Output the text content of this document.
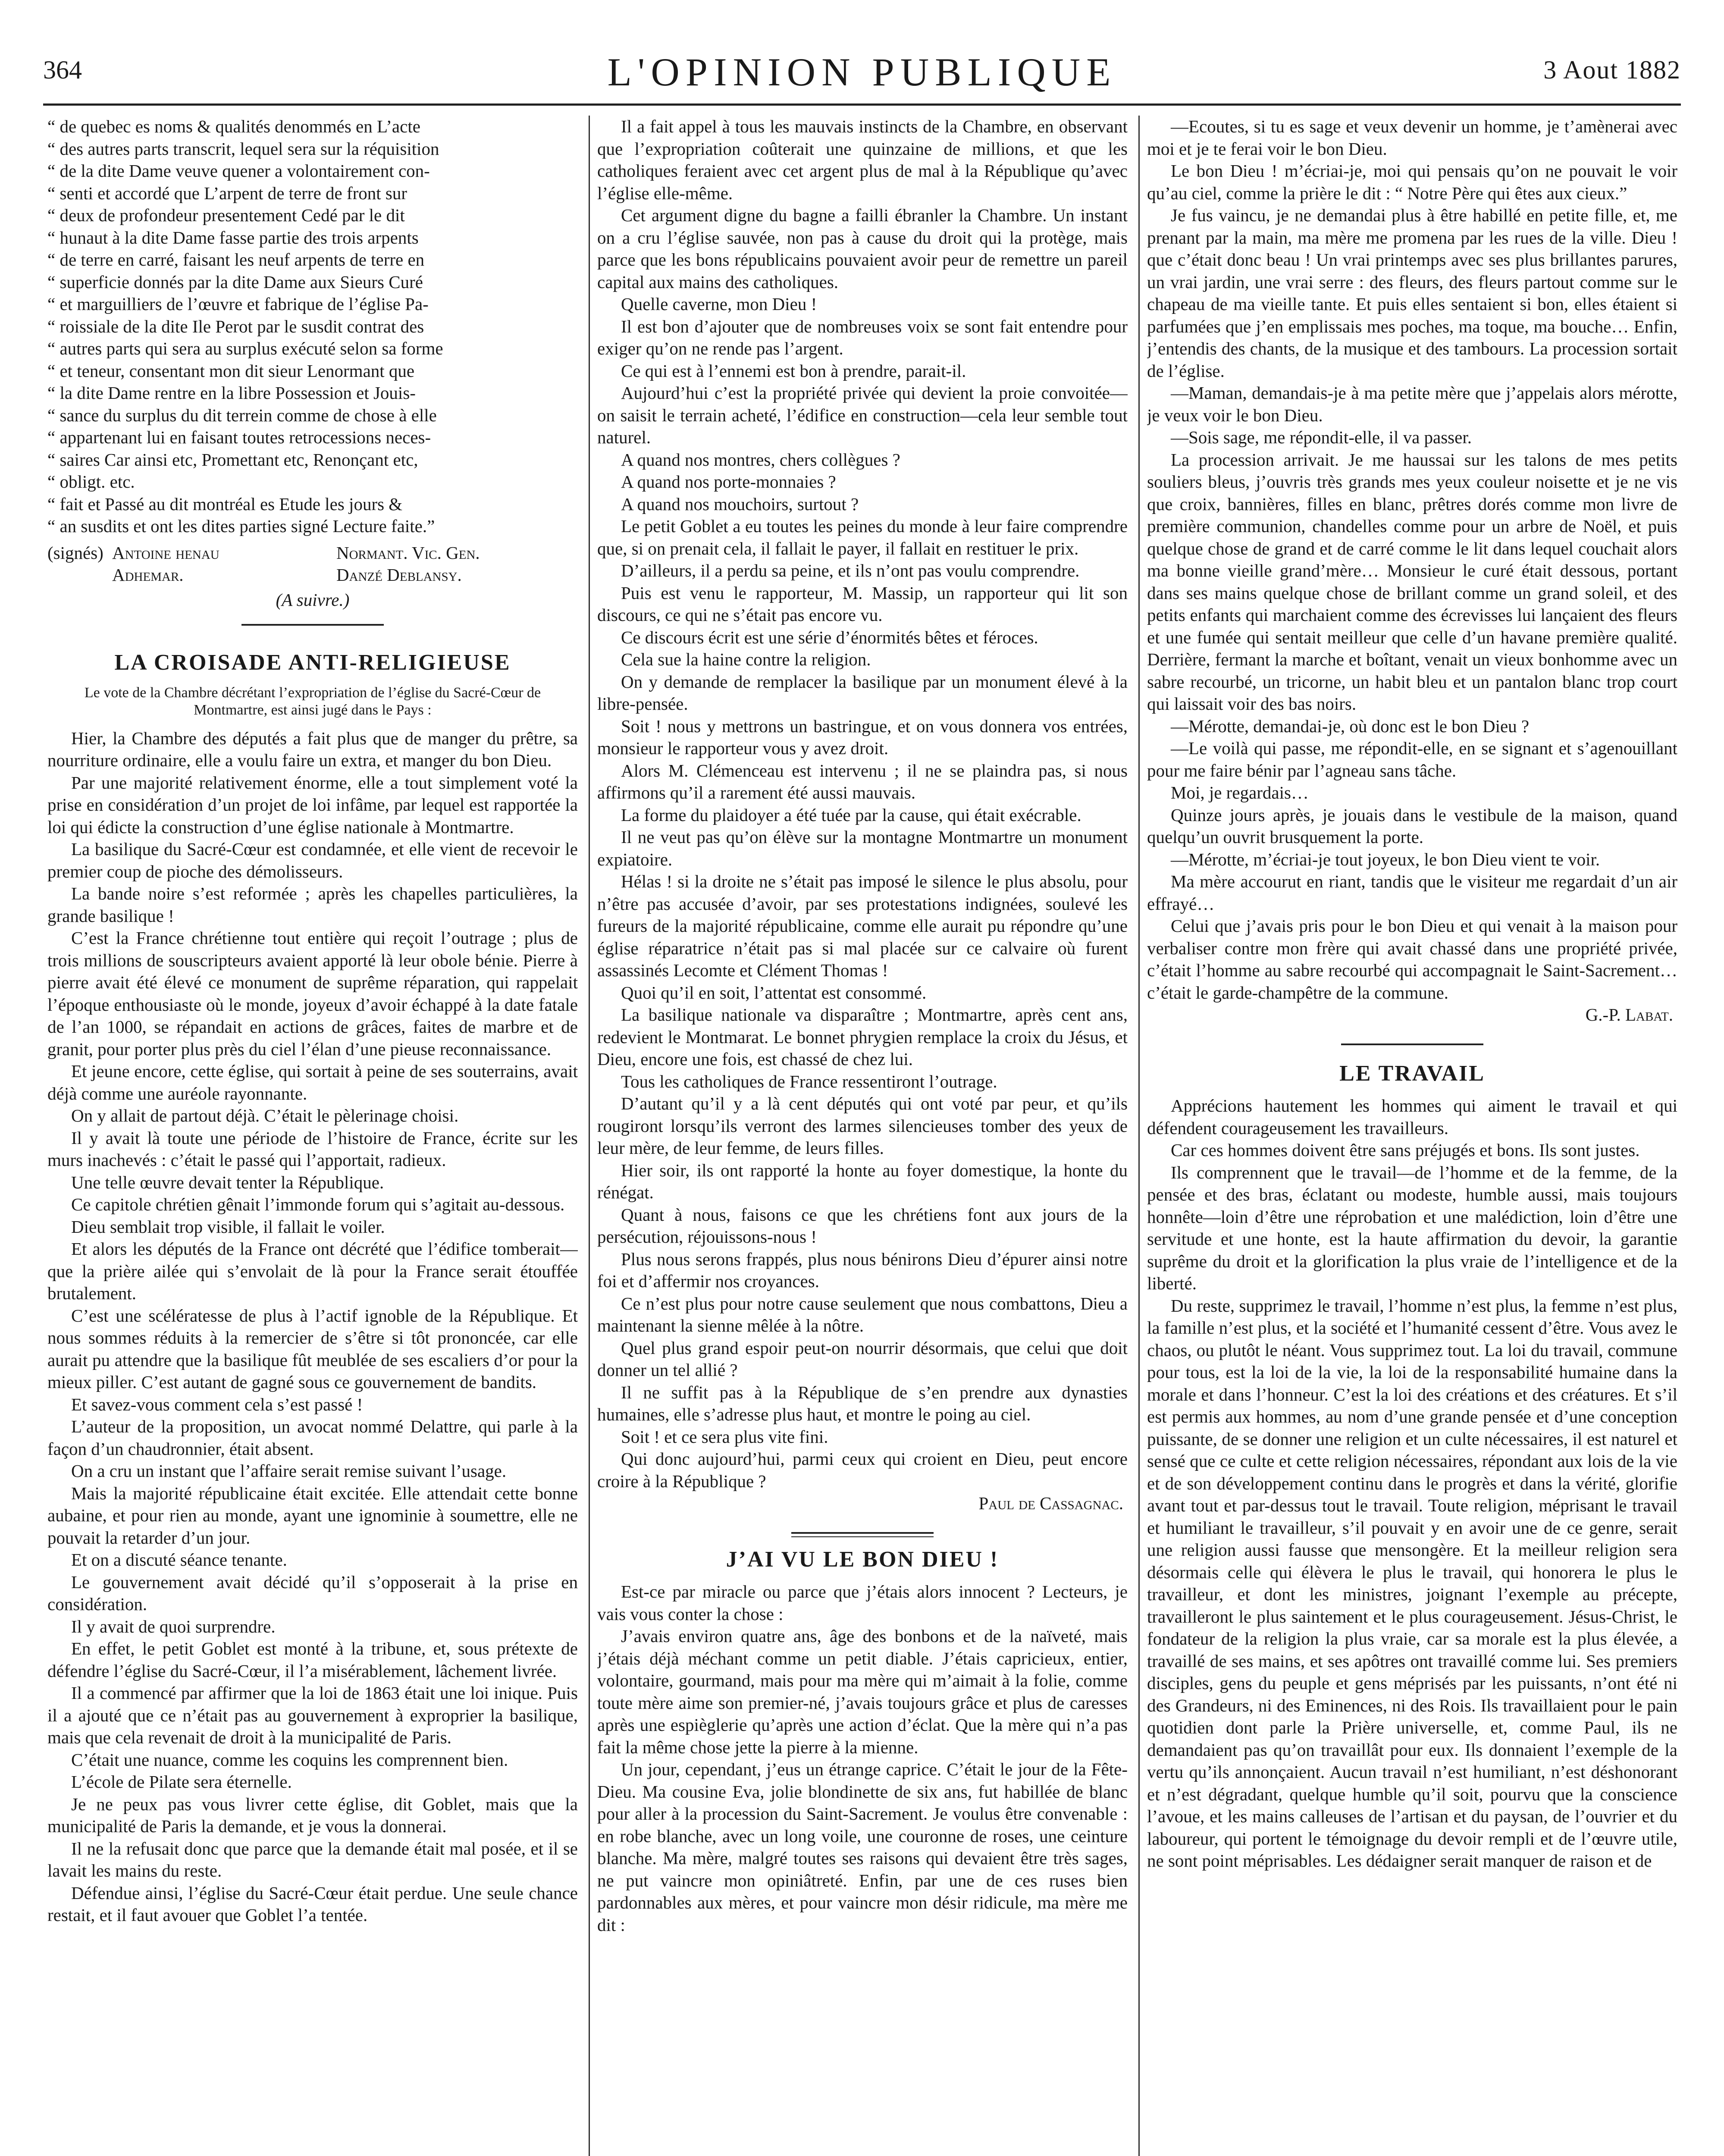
364	L'OPINION PUBLIQUE	3 Aout 1882

“ de quebec es noms & qualités denommés en L’acte

“ des autres parts transcrit, lequel sera sur la réquisition

“ de la dite Dame veuve quener a volontairement con-

“ senti et accordé que L’arpent de terre de front sur

“ deux de profondeur presentement Cedé par le dit

“ hunaut à la dite Dame fasse partie des trois arpents

“ de terre en carré, faisant les neuf arpents de terre en

“ superficie donnés par la dite Dame aux Sieurs Curé

“ et marguilliers de l’œuvre et fabrique de l’église Pa-

“ roissiale de la dite Ile Perot par le susdit contrat des

“ autres parts qui sera au surplus exécuté selon sa forme

“ et teneur, consentant mon dit sieur Lenormant que

“ la dite Dame rentre en la libre Possession et Jouis-

“ sance du surplus du dit terrein comme de chose à elle

“ appartenant lui en faisant toutes retrocessions neces-

“ saires Car ainsi etc, Promettant etc, Renonçant etc,

“ obligt. etc.

“ fait et Passé au dit montréal es Etude les jours &

“ an susdits et ont les dites parties signé Lecture faite.”

(signés) Antoine henau	Normant. Vic. Gen.
Adhemar.	Danzé Deblansy.
(A suivre.)
LA CROISADE ANTI-RELIGIEUSE
Le vote de la Chambre décrétant l’expropriation de l’église du Sacré-Cœur de Montmartre, est ainsi jugé dans le Pays :

Hier, la Chambre des députés a fait plus que de manger du prêtre, sa nourriture ordinaire, elle a voulu faire un extra, et manger du bon Dieu.

Par une majorité relativement énorme, elle a tout simplement voté la prise en considération d’un projet de loi infâme, par lequel est rapportée la loi qui édicte la construction d’une église nationale à Montmartre.

La basilique du Sacré-Cœur est condamnée, et elle vient de recevoir le premier coup de pioche des démolisseurs.

La bande noire s’est reformée ; après les chapelles particulières, la grande basilique !

C’est la France chrétienne tout entière qui reçoit l’outrage ; plus de trois millions de souscripteurs avaient apporté là leur obole bénie. Pierre à pierre avait été élevé ce monument de suprême réparation, qui rappelait l’époque enthousiaste où le monde, joyeux d’avoir échappé à la date fatale de l’an 1000, se répandait en actions de grâces, faites de marbre et de granit, pour porter plus près du ciel l’élan d’une pieuse reconnaissance.

Et jeune encore, cette église, qui sortait à peine de ses souterrains, avait déjà comme une auréole rayonnante.

On y allait de partout déjà. C’était le pèlerinage choisi.

Il y avait là toute une période de l’histoire de France, écrite sur les murs inachevés : c’était le passé qui l’apportait, radieux.

Une telle œuvre devait tenter la République.

Ce capitole chrétien gênait l’immonde forum qui s’agitait au-dessous.

Dieu semblait trop visible, il fallait le voiler.

Et alors les députés de la France ont décrété que l’édifice tomberait—que la prière ailée qui s’envolait de là pour la France serait étouffée brutalement.

C’est une scélératesse de plus à l’actif ignoble de la République. Et nous sommes réduits à la remercier de s’être si tôt prononcée, car elle aurait pu attendre que la basilique fût meublée de ses escaliers d’or pour la mieux piller. C’est autant de gagné sous ce gouvernement de bandits.

Et savez-vous comment cela s’est passé !

L’auteur de la proposition, un avocat nommé Delattre, qui parle à la façon d’un chaudronnier, était absent.

On a cru un instant que l’affaire serait remise suivant l’usage.

Mais la majorité républicaine était excitée. Elle attendait cette bonne aubaine, et pour rien au monde, ayant une ignominie à soumettre, elle ne pouvait la retarder d’un jour.

Et on a discuté séance tenante.

Le gouvernement avait décidé qu’il s’opposerait à la prise en considération.

Il y avait de quoi surprendre.

En effet, le petit Goblet est monté à la tribune, et, sous prétexte de défendre l’église du Sacré-Cœur, il l’a misérablement, lâchement livrée.

Il a commencé par affirmer que la loi de 1863 était une loi inique. Puis il a ajouté que ce n’était pas au gouvernement à exproprier la basilique, mais que cela revenait de droit à la municipalité de Paris.

C’était une nuance, comme les coquins les comprennent bien.

L’école de Pilate sera éternelle.

Je ne peux pas vous livrer cette église, dit Goblet, mais que la municipalité de Paris la demande, et je vous la donnerai.

Il ne la refusait donc que parce que la demande était mal posée, et il se lavait les mains du reste.

Défendue ainsi, l’église du Sacré-Cœur était perdue. Une seule chance restait, et il faut avouer que Goblet l’a tentée.

Il a fait appel à tous les mauvais instincts de la Chambre, en observant que l’expropriation coûterait une quinzaine de millions, et que les catholiques feraient avec cet argent plus de mal à la République qu’avec l’église elle-même.

Cet argument digne du bagne a failli ébranler la Chambre. Un instant on a cru l’église sauvée, non pas à cause du droit qui la protège, mais parce que les bons républicains pouvaient avoir peur de remettre un pareil capital aux mains des catholiques.

Quelle caverne, mon Dieu !

Il est bon d’ajouter que de nombreuses voix se sont fait entendre pour exiger qu’on ne rende pas l’argent.

Ce qui est à l’ennemi est bon à prendre, parait-il.

Aujourd’hui c’est la propriété privée qui devient la proie convoitée—on saisit le terrain acheté, l’édifice en construction—cela leur semble tout naturel.

A quand nos montres, chers collègues ?

A quand nos porte-monnaies ?

A quand nos mouchoirs, surtout ?

Le petit Goblet a eu toutes les peines du monde à leur faire comprendre que, si on prenait cela, il fallait le payer, il fallait en restituer le prix.

D’ailleurs, il a perdu sa peine, et ils n’ont pas voulu comprendre.

Puis est venu le rapporteur, M. Massip, un rapporteur qui lit son discours, ce qui ne s’était pas encore vu.

Ce discours écrit est une série d’énormités bêtes et féroces.

Cela sue la haine contre la religion.

On y demande de remplacer la basilique par un monument élevé à la libre-pensée.

Soit ! nous y mettrons un bastringue, et on vous donnera vos entrées, monsieur le rapporteur vous y avez droit.

Alors M. Clémenceau est intervenu ; il ne se plaindra pas, si nous affirmons qu’il a rarement été aussi mauvais.

La forme du plaidoyer a été tuée par la cause, qui était exécrable.

Il ne veut pas qu’on élève sur la montagne Montmartre un monument expiatoire.

Hélas ! si la droite ne s’était pas imposé le silence le plus absolu, pour n’être pas accusée d’avoir, par ses protestations indignées, soulevé les fureurs de la majorité républicaine, comme elle aurait pu répondre qu’une église réparatrice n’était pas si mal placée sur ce calvaire où furent assassinés Lecomte et Clément Thomas !

Quoi qu’il en soit, l’attentat est consommé.

La basilique nationale va disparaître ; Montmartre, après cent ans, redevient le Montmarat. Le bonnet phrygien remplace la croix du Jésus, et Dieu, encore une fois, est chassé de chez lui.

Tous les catholiques de France ressentiront l’outrage.

D’autant qu’il y a là cent députés qui ont voté par peur, et qu’ils rougiront lorsqu’ils verront des larmes silencieuses tomber des yeux de leur mère, de leur femme, de leurs filles.

Hier soir, ils ont rapporté la honte au foyer domestique, la honte du rénégat.

Quant à nous, faisons ce que les chrétiens font aux jours de la persécution, réjouissons-nous !

Plus nous serons frappés, plus nous bénirons Dieu d’épurer ainsi notre foi et d’affermir nos croyances.

Ce n’est plus pour notre cause seulement que nous combattons, Dieu a maintenant la sienne mêlée à la nôtre.

Quel plus grand espoir peut-on nourrir désormais, que celui que doit donner un tel allié ?

Il ne suffit pas à la République de s’en prendre aux dynasties humaines, elle s’adresse plus haut, et montre le poing au ciel.

Soit ! et ce sera plus vite fini.

Qui donc aujourd’hui, parmi ceux qui croient en Dieu, peut encore croire à la République ?

Paul de Cassagnac.
J’AI VU LE BON DIEU !

Est-ce par miracle ou parce que j’étais alors innocent ? Lecteurs, je vais vous conter la chose :

J’avais environ quatre ans, âge des bonbons et de la naïveté, mais j’étais déjà méchant comme un petit diable. J’étais capricieux, entier, volontaire, gourmand, mais pour ma mère qui m’aimait à la folie, comme toute mère aime son premier-né, j’avais toujours grâce et plus de caresses après une espièglerie qu’après une action d’éclat. Que la mère qui n’a pas fait la même chose jette la pierre à la mienne.

Un jour, cependant, j’eus un étrange caprice. C’était le jour de la Fête-Dieu. Ma cousine Eva, jolie blondinette de six ans, fut habillée de blanc pour aller à la procession du Saint-Sacrement. Je voulus être convenable : en robe blanche, avec un long voile, une couronne de roses, une ceinture blanche. Ma mère, malgré toutes ses raisons qui devaient être très sages, ne put vaincre mon opiniâtreté. Enfin, par une de ces ruses bien pardonnables aux mères, et pour vaincre mon désir ridicule, ma mère me dit :

—Ecoutes, si tu es sage et veux devenir un homme, je t’amènerai avec moi et je te ferai voir le bon Dieu.

Le bon Dieu ! m’écriai-je, moi qui pensais qu’on ne pouvait le voir qu’au ciel, comme la prière le dit : “ Notre Père qui êtes aux cieux.”

Je fus vaincu, je ne demandai plus à être habillé en petite fille, et, me prenant par la main, ma mère me promena par les rues de la ville. Dieu ! que c’était donc beau ! Un vrai printemps avec ses plus brillantes parures, un vrai jardin, une vrai serre : des fleurs, des fleurs partout comme sur le chapeau de ma vieille tante. Et puis elles sentaient si bon, elles étaient si parfumées que j’en emplissais mes poches, ma toque, ma bouche… Enfin, j’entendis des chants, de la musique et des tambours. La procession sortait de l’église.

—Maman, demandais-je à ma petite mère que j’appelais alors mérotte, je veux voir le bon Dieu.

—Sois sage, me répondit-elle, il va passer.

La procession arrivait. Je me haussai sur les talons de mes petits souliers bleus, j’ouvris très grands mes yeux couleur noisette et je ne vis que croix, bannières, filles en blanc, prêtres dorés comme mon livre de première communion, chandelles comme pour un arbre de Noël, et puis quelque chose de grand et de carré comme le lit dans lequel couchait alors ma bonne vieille grand’mère… Monsieur le curé était dessous, portant dans ses mains quelque chose de brillant comme un grand soleil, et des petits enfants qui marchaient comme des écrevisses lui lançaient des fleurs et une fumée qui sentait meilleur que celle d’un havane première qualité. Derrière, fermant la marche et boîtant, venait un vieux bonhomme avec un sabre recourbé, un tricorne, un habit bleu et un pantalon blanc trop court qui laissait voir des bas noirs.

—Mérotte, demandai-je, où donc est le bon Dieu ?

—Le voilà qui passe, me répondit-elle, en se signant et s’agenouillant pour me faire bénir par l’agneau sans tâche.

Moi, je regardais…

Quinze jours après, je jouais dans le vestibule de la maison, quand quelqu’un ouvrit brusquement la porte.

—Mérotte, m’écriai-je tout joyeux, le bon Dieu vient te voir.

Ma mère accourut en riant, tandis que le visiteur me regardait d’un air effrayé…

Celui que j’avais pris pour le bon Dieu et qui venait à la maison pour verbaliser contre mon frère qui avait chassé dans une propriété privée, c’était l’homme au sabre recourbé qui accompagnait le Saint-Sacrement… c’était le garde-champêtre de la commune.

G.-P. Labat.
LE TRAVAIL

Apprécions hautement les hommes qui aiment le travail et qui défendent courageusement les travailleurs.

Car ces hommes doivent être sans préjugés et bons. Ils sont justes.

Ils comprennent que le travail—de l’homme et de la femme, de la pensée et des bras, éclatant ou modeste, humble aussi, mais toujours honnête—loin d’être une réprobation et une malédiction, loin d’être une servitude et une honte, est la haute affirmation du devoir, la garantie suprême du droit et la glorification la plus vraie de l’intelligence et de la liberté.

Du reste, supprimez le travail, l’homme n’est plus, la femme n’est plus, la famille n’est plus, et la société et l’humanité cessent d’être. Vous avez le chaos, ou plutôt le néant. Vous supprimez tout. La loi du travail, commune pour tous, est la loi de la vie, la loi de la responsabilité humaine dans la morale et dans l’honneur. C’est la loi des créations et des créatures. Et s’il est permis aux hommes, au nom d’une grande pensée et d’une conception puissante, de se donner une religion et un culte nécessaires, il est naturel et sensé que ce culte et cette religion nécessaires, répondant aux lois de la vie et de son développement continu dans le progrès et dans la vérité, glorifie avant tout et par-dessus tout le travail. Toute religion, méprisant le travail et humiliant le travailleur, s’il pouvait y en avoir une de ce genre, serait une religion aussi fausse que mensongère. Et la meilleur religion sera désormais celle qui élèvera le plus le travail, qui honorera le plus le travailleur, et dont les ministres, joignant l’exemple au précepte, travailleront le plus saintement et le plus courageusement. Jésus-Christ, le fondateur de la religion la plus vraie, car sa morale est la plus élevée, a travaillé de ses mains, et ses apôtres ont travaillé comme lui. Ses premiers disciples, gens du peuple et gens méprisés par les puissants, n’ont été ni des Grandeurs, ni des Eminences, ni des Rois. Ils travaillaient pour le pain quotidien dont parle la Prière universelle, et, comme Paul, ils ne demandaient pas qu’on travaillât pour eux. Ils donnaient l’exemple de la vertu qu’ils annonçaient. Aucun travail n’est humiliant, n’est déshonorant et n’est dégradant, quelque humble qu’il soit, pourvu que la conscience l’avoue, et les mains calleuses de l’artisan et du paysan, de l’ouvrier et du laboureur, qui portent le témoignage du devoir rempli et de l’œuvre utile, ne sont point méprisables. Les dédaigner serait manquer de raison et de
